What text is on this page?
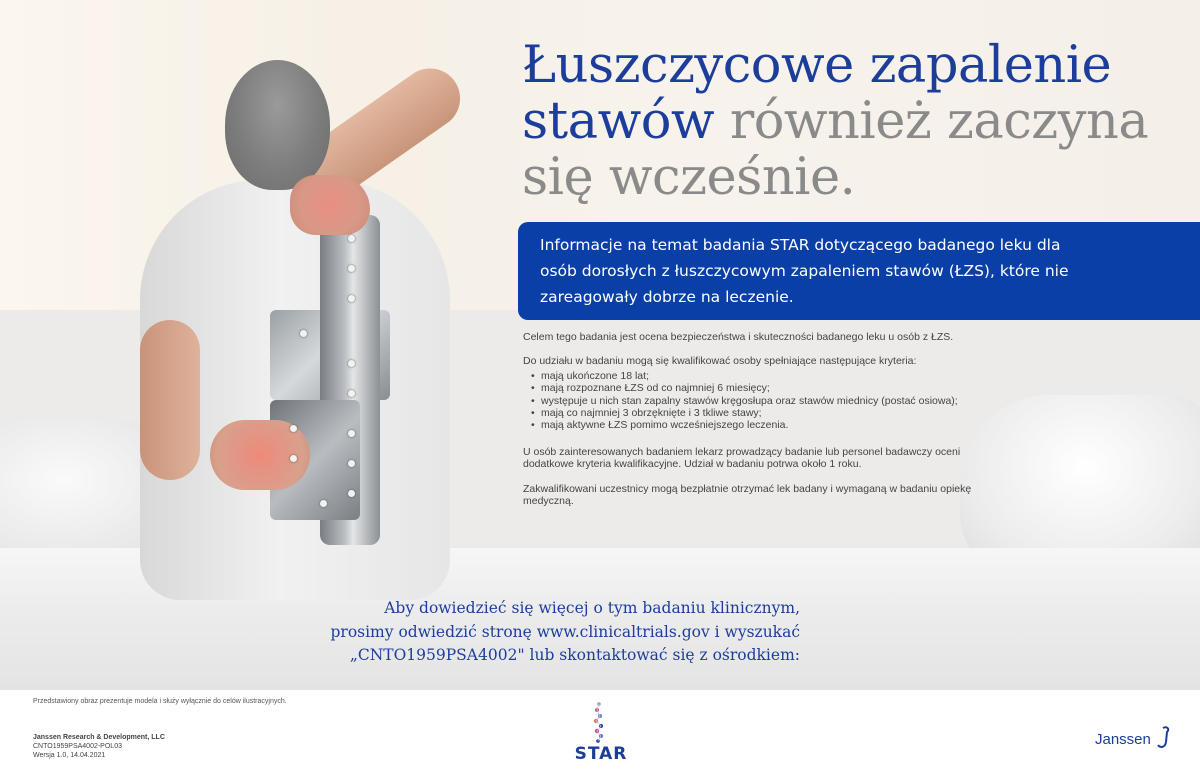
Łuszczycowe zapalenie
stawów również zaczyna
się wcześnie.
Informacje na temat badania STAR dotyczącego badanego leku dla osób dorosłych z łuszczycowym zapaleniem stawów (ŁZS), które nie zareagowały dobrze na leczenie.

Celem tego badania jest ocena bezpieczeństwa i skuteczności badanego leku u osób z ŁZS.

Do udziału w badaniu mogą się kwalifikować osoby spełniające następujące kryteria:

• mają ukończone 18 lat;
• mają rozpoznane ŁZS od co najmniej 6 miesięcy;
• występuje u nich stan zapalny stawów kręgosłupa oraz stawów miednicy (postać osiowa);
• mają co najmniej 3 obrzęknięte i 3 tkliwe stawy;
• mają aktywne ŁZS pomimo wcześniejszego leczenia.

U osób zainteresowanych badaniem lekarz prowadzący badanie lub personel badawczy oceni dodatkowe kryteria kwalifikacyjne. Udział w badaniu potrwa około 1 roku.

Zakwalifikowani uczestnicy mogą bezpłatnie otrzymać lek badany i wymaganą w badaniu opiekę medyczną.

Aby dowiedzieć się więcej o tym badaniu klinicznym,
prosimy odwiedzić stronę www.clinicaltrials.gov i wyszukać
„CNTO1959PSA4002" lub skontaktować się z ośrodkiem:
Przedstawiony obraz prezentuje modela i służy wyłącznie do celów ilustracyjnych.
Janssen Research & Development, LLC
CNTO1959PSA4002-POL03
Wersja 1.0, 14.04.2021	STAR
Janssen
